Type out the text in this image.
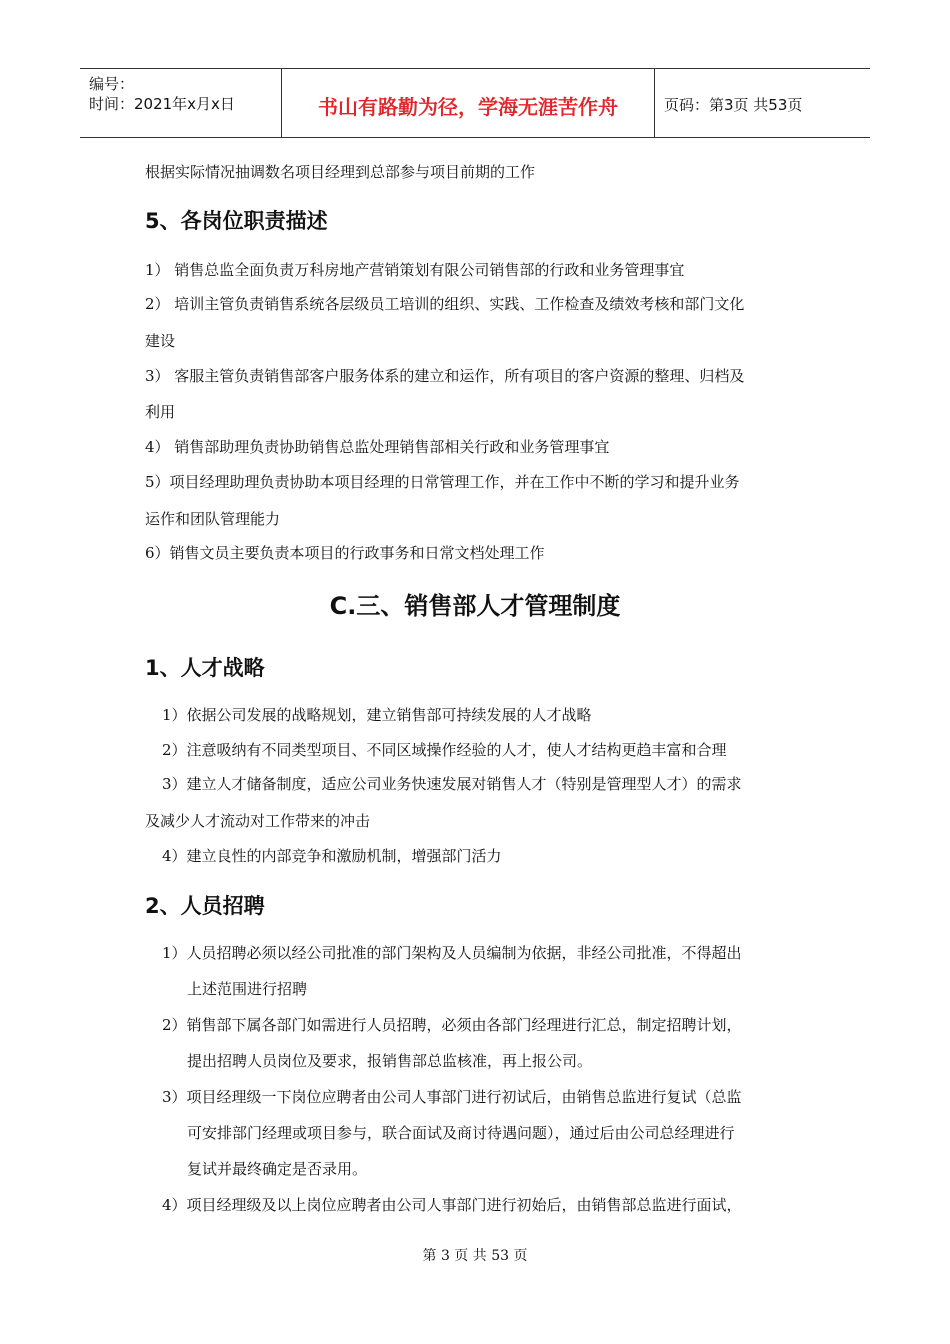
编号：
时间：2021年x月x日	书山有路勤为径，学海无涯苦作舟	页码：第3页 共53页
根据实际情况抽调数名项目经理到总部参与项目前期的工作
5、各岗位职责描述
1） 销售总监全面负责万科房地产营销策划有限公司销售部的行政和业务管理事宜
2） 培训主管负责销售系统各层级员工培训的组织、实践、工作检查及绩效考核和部门文化
建设
3） 客服主管负责销售部客户服务体系的建立和运作，所有项目的客户资源的整理、归档及
利用
4） 销售部助理负责协助销售总监处理销售部相关行政和业务管理事宜
5）项目经理助理负责协助本项目经理的日常管理工作，并在工作中不断的学习和提升业务
运作和团队管理能力
6）销售文员主要负责本项目的行政事务和日常文档处理工作
C.三、销售部人才管理制度
1、人才战略
1）依据公司发展的战略规划，建立销售部可持续发展的人才战略
2）注意吸纳有不同类型项目、不同区域操作经验的人才，使人才结构更趋丰富和合理
3）建立人才储备制度，适应公司业务快速发展对销售人才（特别是管理型人才）的需求
及减少人才流动对工作带来的冲击
4）建立良性的内部竞争和激励机制，增强部门活力
2、人员招聘
1）人员招聘必须以经公司批准的部门架构及人员编制为依据，非经公司批准，不得超出
上述范围进行招聘
2）销售部下属各部门如需进行人员招聘，必须由各部门经理进行汇总，制定招聘计划，
提出招聘人员岗位及要求，报销售部总监核准，再上报公司。
3）项目经理级一下岗位应聘者由公司人事部门进行初试后，由销售总监进行复试（总监
可安排部门经理或项目参与，联合面试及商讨待遇问题），通过后由公司总经理进行
复试并最终确定是否录用。
4）项目经理级及以上岗位应聘者由公司人事部门进行初始后，由销售部总监进行面试，
第 3 页 共 53 页
